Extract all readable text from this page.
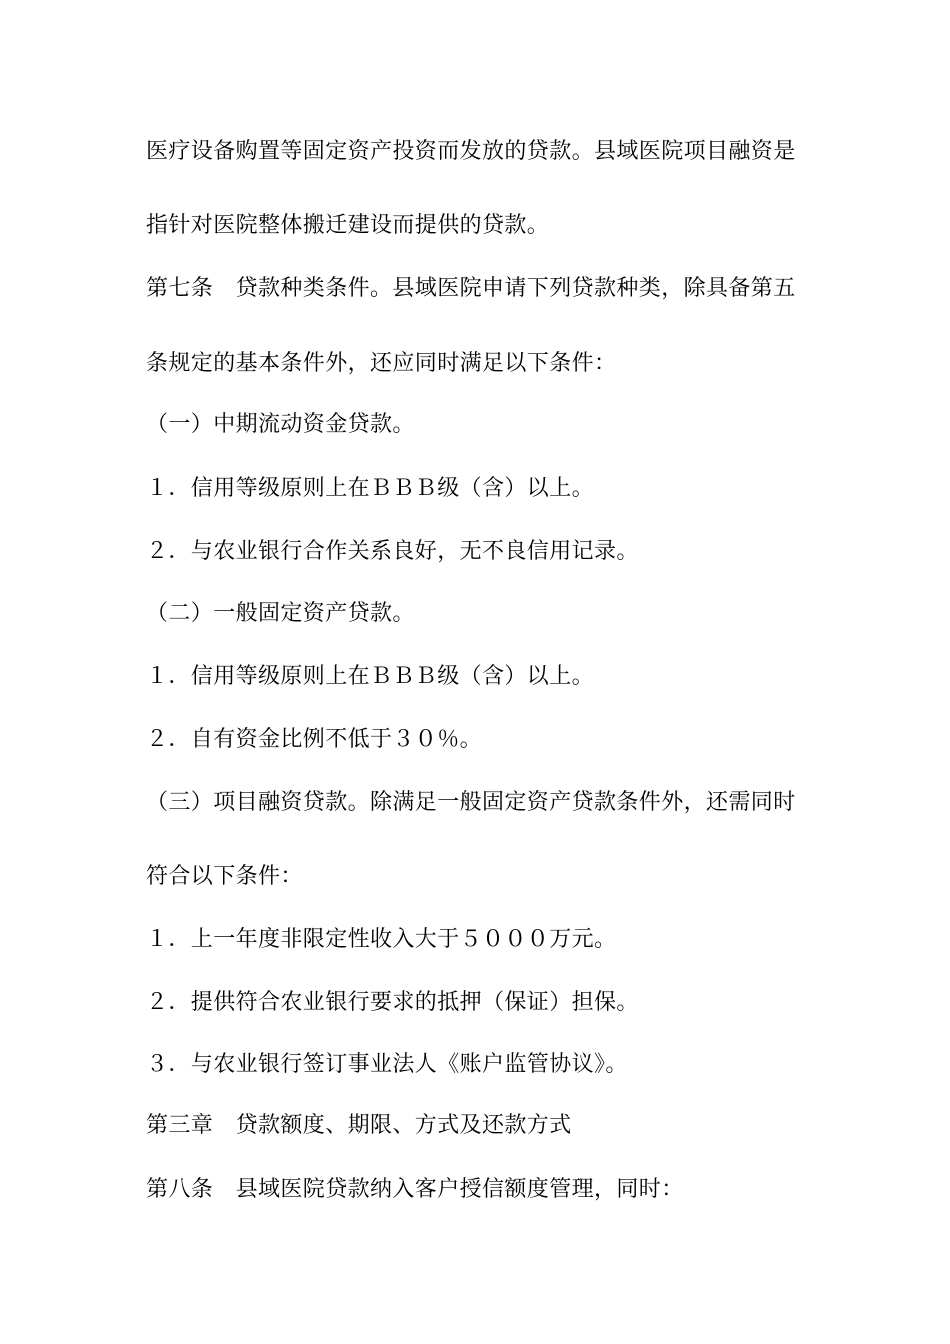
医疗设备购置等固定资产投资而发放的贷款。县域医院项目融资是
指针对医院整体搬迁建设而提供的贷款。
第七条　贷款种类条件。县域医院申请下列贷款种类，除具备第五
条规定的基本条件外，还应同时满足以下条件：
（一）中期流动资金贷款。
１．信用等级原则上在ＢＢＢ级（含）以上。
２．与农业银行合作关系良好，无不良信用记录。
（二）一般固定资产贷款。
１．信用等级原则上在ＢＢＢ级（含）以上。
２．自有资金比例不低于３０％。
（三）项目融资贷款。除满足一般固定资产贷款条件外，还需同时
符合以下条件：
１．上一年度非限定性收入大于５０００万元。
２．提供符合农业银行要求的抵押（保证）担保。
３．与农业银行签订事业法人《账户监管协议》。
第三章　贷款额度、期限、方式及还款方式
第八条　县域医院贷款纳入客户授信额度管理，同时：
